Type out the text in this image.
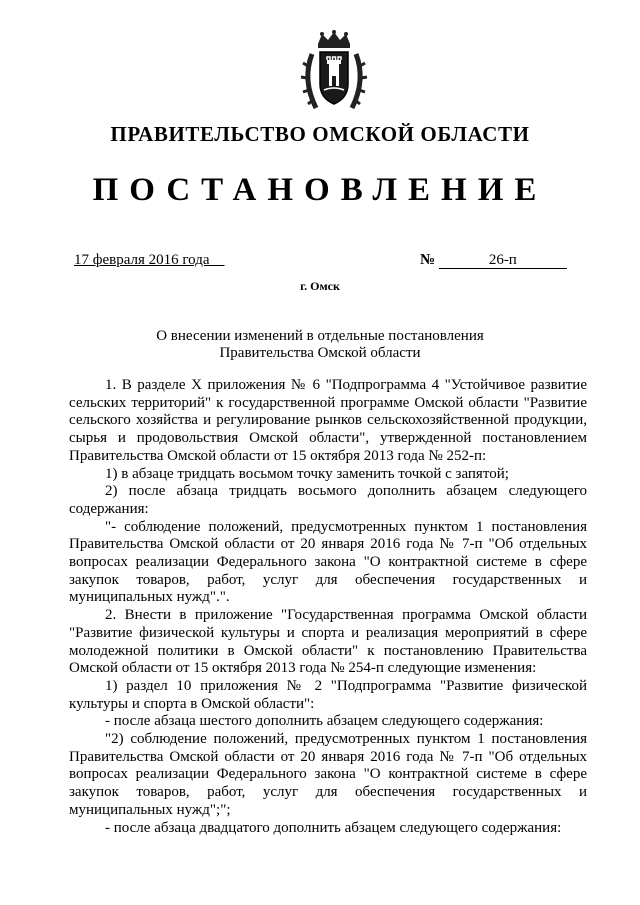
ПРАВИТЕЛЬСТВО ОМСКОЙ ОБЛАСТИ
ПОСТАНОВЛЕНИЕ
17 февраля 2016 года	№	26-п
г. Омск
О внесении изменений в отдельные постановления
Правительства Омской области

1. В разделе X приложения № 6 "Подпрограмма 4 "Устойчивое развитие сельских территорий" к государственной программе Омской области "Развитие сельского хозяйства и регулирование рынков сельскохозяйственной продукции, сырья и продовольствия Омской области", утвержденной постановлением Правительства Омской области от 15 октября 2013 года № 252-п:

1) в абзаце тридцать восьмом точку заменить точкой с запятой;

2) после абзаца тридцать восьмого дополнить абзацем следующего содержания:

"- соблюдение положений, предусмотренных пунктом 1 постановления Правительства Омской области от 20 января 2016 года № 7-п "Об отдельных вопросах реализации Федерального закона "О контрактной системе в сфере закупок товаров, работ, услуг для обеспечения государственных и муниципальных нужд".".

2. Внести в приложение "Государственная программа Омской области "Развитие физической культуры и спорта и реализация мероприятий в сфере молодежной политики в Омской области" к постановлению Правительства Омской области от 15 октября 2013 года № 254-п следующие изменения:

1) раздел 10 приложения № 2 "Подпрограмма "Развитие физической культуры и спорта в Омской области":

- после абзаца шестого дополнить абзацем следующего содержания:

"2) соблюдение положений, предусмотренных пунктом 1 постановления Правительства Омской области от 20 января 2016 года № 7-п "Об отдельных вопросах реализации Федерального закона "О контрактной системе в сфере закупок товаров, работ, услуг для обеспечения государственных и муниципальных нужд";";

- после абзаца двадцатого дополнить абзацем следующего содержания:
